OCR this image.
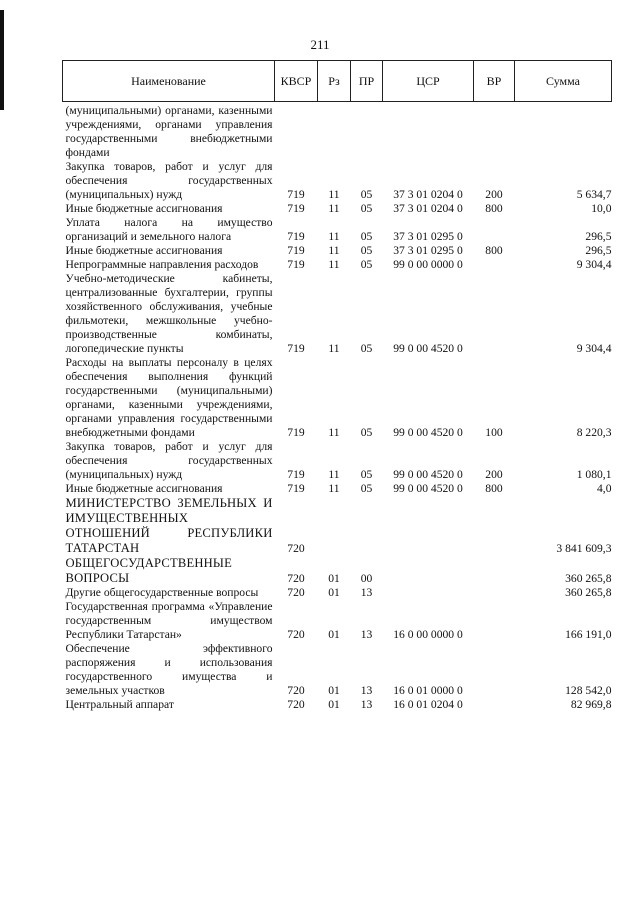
211
Наименование	КВСР	Рз	ПР	ЦСР	ВР	Сумма
(муниципальными) органами, казенными учреждениями, органами управления государственными внебюджетными фондами						
Закупка товаров, работ и услуг для обеспечения государственных (муниципальных) нужд	719	11	05	37 3 01 0204 0	200	5 634,7
Иные бюджетные ассигнования	719	11	05	37 3 01 0204 0	800	10,0
Уплата налога на имущество организаций и земельного налога	719	11	05	37 3 01 0295 0		296,5
Иные бюджетные ассигнования	719	11	05	37 3 01 0295 0	800	296,5
Непрограммные направления расходов	719	11	05	99 0 00 0000 0		9 304,4
Учебно-методические кабинеты, централизованные бухгалтерии, группы хозяйственного обслуживания, учебные фильмотеки, межшкольные учебно-производственные комбинаты, логопедические пункты	719	11	05	99 0 00 4520 0		9 304,4
Расходы на выплаты персоналу в целях обеспечения выполнения функций государственными (муниципальными) органами, казенными учреждениями, органами управления государственными внебюджетными фондами	719	11	05	99 0 00 4520 0	100	8 220,3
Закупка товаров, работ и услуг для обеспечения государственных (муниципальных) нужд	719	11	05	99 0 00 4520 0	200	1 080,1
Иные бюджетные ассигнования	719	11	05	99 0 00 4520 0	800	4,0
МИНИСТЕРСТВО ЗЕМЕЛЬНЫХ И ИМУЩЕСТВЕННЫХ ОТНОШЕНИЙ РЕСПУБЛИКИ ТАТАРСТАН	720					3 841 609,3
ОБЩЕГОСУДАРСТВЕННЫЕ ВОПРОСЫ	720	01	00			360 265,8
Другие общегосударственные вопросы	720	01	13			360 265,8
Государственная программа «Управление государственным имуществом Республики Татарстан»	720	01	13	16 0 00 0000 0		166 191,0
Обеспечение эффективного распоряжения и использования государственного имущества и земельных участков	720	01	13	16 0 01 0000 0		128 542,0
Центральный аппарат	720	01	13	16 0 01 0204 0		82 969,8
